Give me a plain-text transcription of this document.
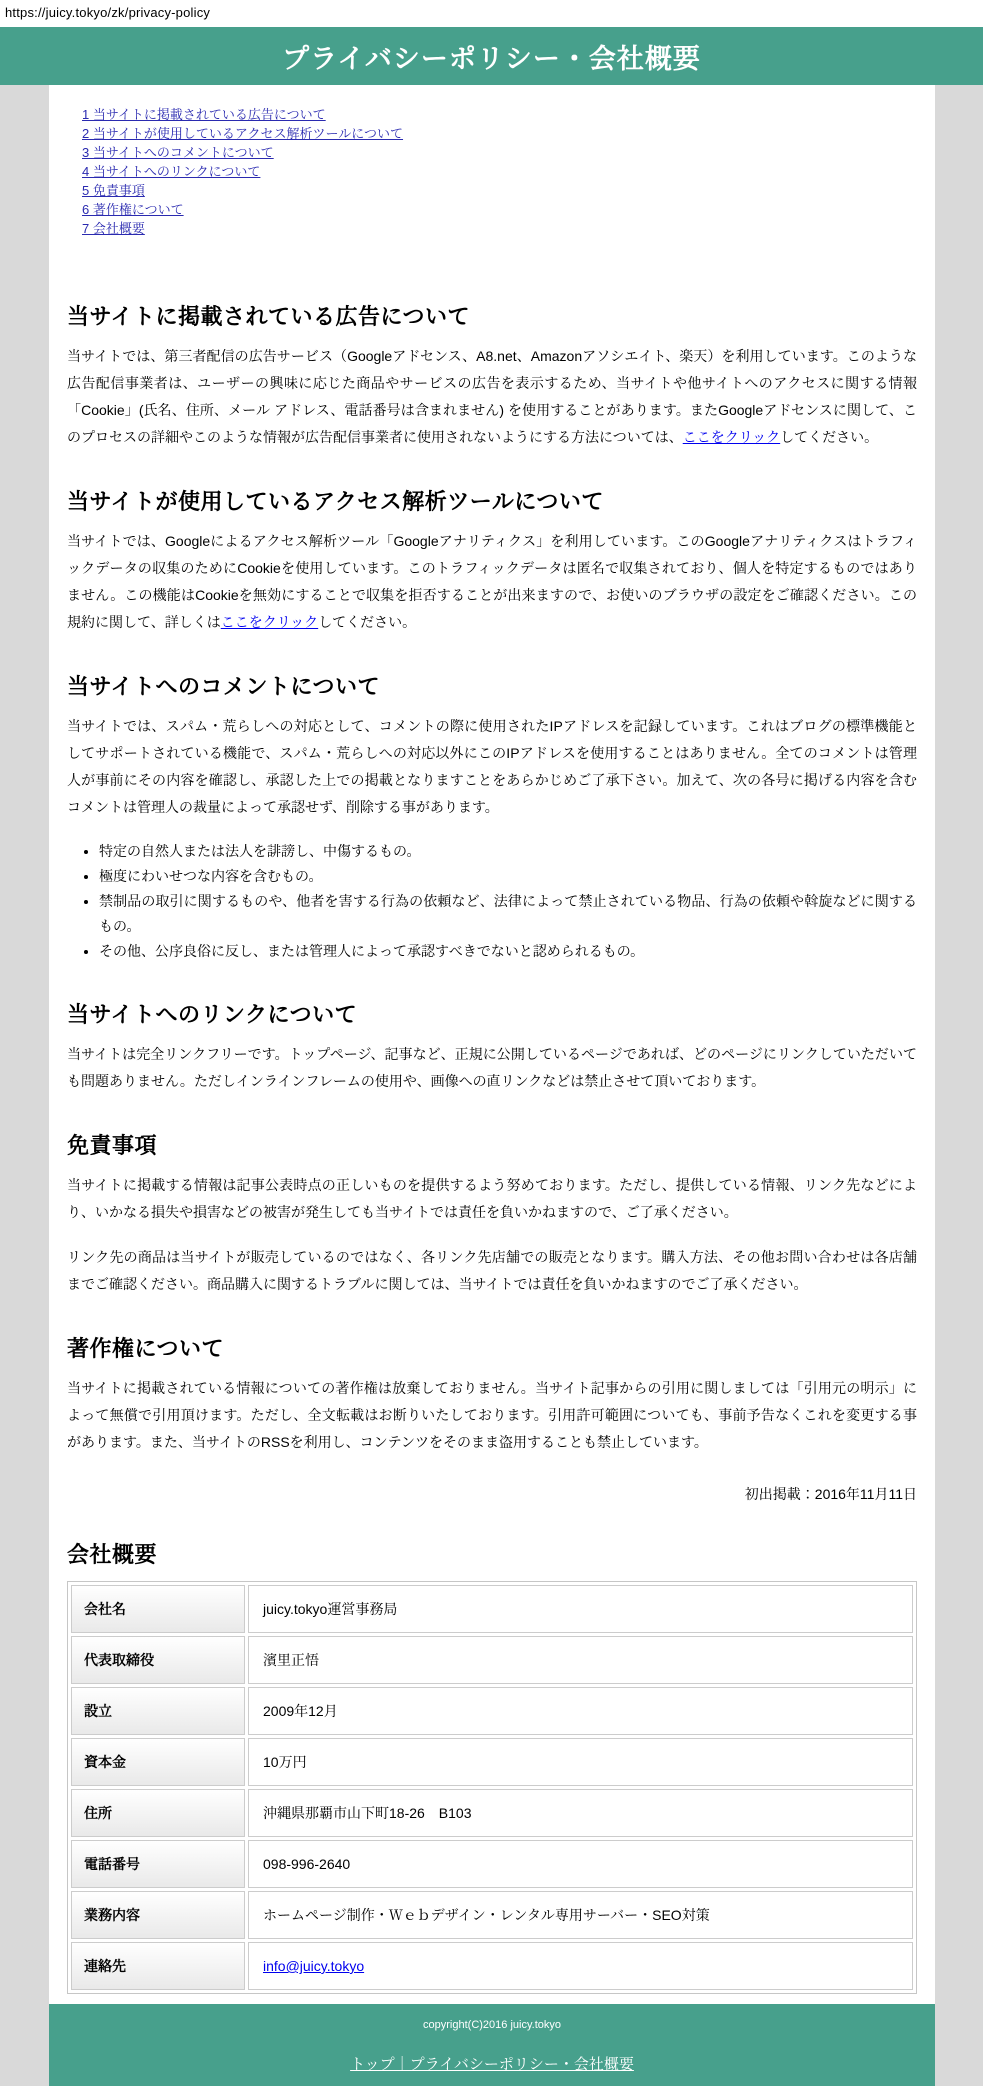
https://juicy.tokyo/zk/privacy-policy
プライバシーポリシー・会社概要
1 当サイトに掲載されている広告について
2 当サイトが使用しているアクセス解析ツールについて
3 当サイトへのコメントについて
4 当サイトへのリンクについて
5 免責事項
6 著作権について
7 会社概要
当サイトに掲載されている広告について

当サイトでは、第三者配信の広告サービス（Googleアドセンス、A8.net、Amazonアソシエイト、楽天）を利用しています。このような広告配信事業者は、ユーザーの興味に応じた商品やサービスの広告を表示するため、当サイトや他サイトへのアクセスに関する情報 「Cookie」(氏名、住所、メール アドレス、電話番号は含まれません) を使用することがあります。またGoogleアドセンスに関して、このプロセスの詳細やこのような情報が広告配信事業者に使用されないようにする方法については、ここをクリックしてください。

当サイトが使用しているアクセス解析ツールについて

当サイトでは、Googleによるアクセス解析ツール「Googleアナリティクス」を利用しています。このGoogleアナリティクスはトラフィックデータの収集のためにCookieを使用しています。このトラフィックデータは匿名で収集されており、個人を特定するものではありません。この機能はCookieを無効にすることで収集を拒否することが出来ますので、お使いのブラウザの設定をご確認ください。この規約に関して、詳しくはここをクリックしてください。

当サイトへのコメントについて

当サイトでは、スパム・荒らしへの対応として、コメントの際に使用されたIPアドレスを記録しています。これはブログの標準機能としてサポートされている機能で、スパム・荒らしへの対応以外にこのIPアドレスを使用することはありません。全てのコメントは管理人が事前にその内容を確認し、承認した上での掲載となりますことをあらかじめご了承下さい。加えて、次の各号に掲げる内容を含むコメントは管理人の裁量によって承認せず、削除する事があります。

• 特定の自然人または法人を誹謗し、中傷するもの。
• 極度にわいせつな内容を含むもの。
• 禁制品の取引に関するものや、他者を害する行為の依頼など、法律によって禁止されている物品、行為の依頼や斡旋などに関するもの。
• その他、公序良俗に反し、または管理人によって承認すべきでないと認められるもの。
当サイトへのリンクについて

当サイトは完全リンクフリーです。トップページ、記事など、正規に公開しているページであれば、どのページにリンクしていただいても問題ありません。ただしインラインフレームの使用や、画像への直リンクなどは禁止させて頂いております。

免責事項

当サイトに掲載する情報は記事公表時点の正しいものを提供するよう努めております。ただし、提供している情報、リンク先などにより、いかなる損失や損害などの被害が発生しても当サイトでは責任を負いかねますので、ご了承ください。

リンク先の商品は当サイトが販売しているのではなく、各リンク先店舗での販売となります。購入方法、その他お問い合わせは各店舗までご確認ください。商品購入に関するトラブルに関しては、当サイトでは責任を負いかねますのでご了承ください。

著作権について

当サイトに掲載されている情報についての著作権は放棄しておりません。当サイト記事からの引用に関しましては「引用元の明示」によって無償で引用頂けます。ただし、全文転載はお断りいたしております。引用許可範囲についても、事前予告なくこれを変更する事があります。また、当サイトのRSSを利用し、コンテンツをそのまま盗用することも禁止しています。

初出掲載：2016年11月11日

会社概要
会社名	juicy.tokyo運営事務局
代表取締役	濱里正悟
設立	2009年12月
資本金	10万円
住所	沖縄県那覇市山下町18-26　B103
電話番号	098-996-2640
業務内容	ホームページ制作・Ｗｅｂデザイン・レンタル専用サーバー・SEO対策
連絡先	info@juicy.tokyo
copyright(C)2016 juicy.tokyo
トップ｜プライバシーポリシー・会社概要
